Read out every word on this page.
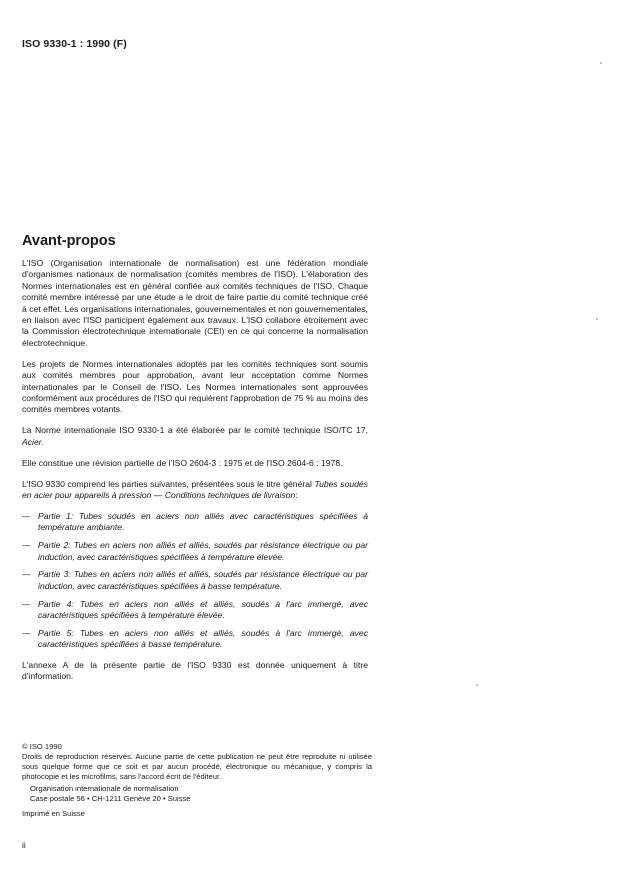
ISO 9330-1 : 1990 (F)
Avant-propos

L'ISO (Organisation internationale de normalisation) est une fédération mondiale d'organismes nationaux de normalisation (comités membres de l'ISO). L'élaboration des Normes internationales est en général confiée aux comités techniques de l'ISO. Chaque comité membre intéressé par une étude a le droit de faire partie du comité technique créé à cet effet. Les organisations internationales, gouvernementales et non gouvernementales, en liaison avec l'ISO participent également aux travaux. L'ISO collabore étroitement avec la Commission électrotechnique internationale (CEI) en ce qui concerne la normalisation électrotechnique.

Les projets de Normes internationales adoptés par les comités techniques sont soumis aux comités membres pour approbation, avant leur acceptation comme Normes internationales par le Conseil de l'ISO. Les Normes internationales sont approuvées conformément aux procédures de l'ISO qui requièrent l'approbation de 75 % au moins des comités membres votants.

La Norme internationale ISO 9330-1 a été élaborée par le comité technique ISO/TC 17, Acier.

Elle constitue une révision partielle de l'ISO 2604-3 : 1975 et de l'ISO 2604-6 : 1978.

L'ISO 9330 comprend les parties suivantes, présentées sous le titre général Tubes soudés en acier pour appareils à pression — Conditions techniques de livraison:

— Partie 1: Tubes soudés en aciers non alliés avec caractéristiques spécifiées à température ambiante.
— Partie 2: Tubes en aciers non alliés et alliés, soudés par résistance électrique ou par induction, avec caractéristiques spécifiées à température élevée.
— Partie 3: Tubes en aciers non alliés et alliés, soudés par résistance électrique ou par induction, avec caractéristiques spécifiées à basse température.
— Partie 4: Tubes en aciers non alliés et alliés, soudés à l'arc immergé, avec caractéristiques spécifiées à température élevée.
— Partie 5: Tubes en aciers non alliés et alliés, soudés à l'arc immergé, avec caractéristiques spécifiées à basse température.

L'annexe A de la présente partie de l'ISO 9330 est donnée uniquement à titre d'information.

© ISO 1990

Droits de reproduction réservés. Aucune partie de cette publication ne peut être reproduite ni utilisée sous quelque forme que ce soit et par aucun procédé, électronique ou mécanique, y compris la photocopie et les microfilms, sans l'accord écrit de l'éditeur.

Organisation internationale de normalisation

Case postale 56 • CH-1211 Genève 20 • Suisse

Imprimé en Suisse

ii
